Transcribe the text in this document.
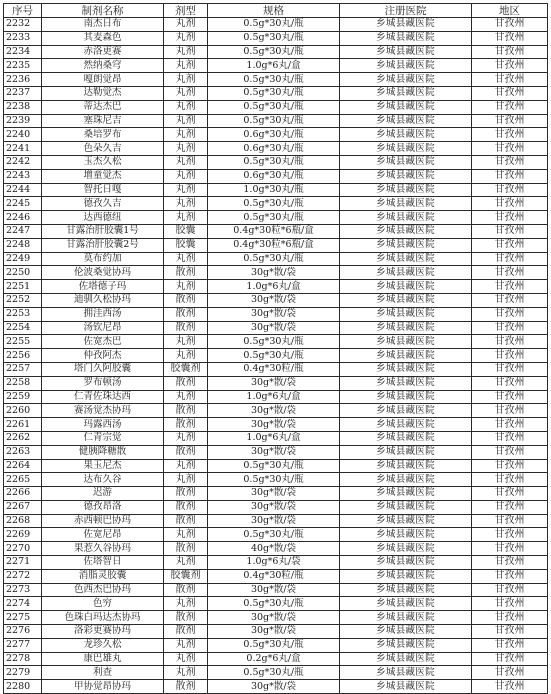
序号	制剂名称	剂型	规格	注册医院	地区
2232	南杰日布	丸剂	0.5g*30丸/瓶	乡城县藏医院	甘孜州
2233	其麦森色	丸剂	0.5g*30丸/瓶	乡城县藏医院	甘孜州
2234	赤洛更赛	丸剂	0.5g*30丸/瓶	乡城县藏医院	甘孜州
2235	然纳桑穹	丸剂	1.0g*6丸/盒	乡城县藏医院	甘孜州
2236	嘎朗觉昂	丸剂	0.5g*30丸/瓶	乡城县藏医院	甘孜州
2237	达勒觉杰	丸剂	0.5g*30丸/瓶	乡城县藏医院	甘孜州
2238	蒂达杰巴	丸剂	0.5g*30丸/瓶	乡城县藏医院	甘孜州
2239	塞珠尼吉	丸剂	0.5g*30丸/瓶	乡城县藏医院	甘孜州
2240	桑培罗布	丸剂	0.6g*30丸/瓶	乡城县藏医院	甘孜州
2241	色朵久吉	丸剂	0.6g*30丸/瓶	乡城县藏医院	甘孜州
2242	玉杰久松	丸剂	0.5g*30丸/瓶	乡城县藏医院	甘孜州
2243	增童觉杰	丸剂	0.6g*30丸/瓶	乡城县藏医院	甘孜州
2244	智托日嘎	丸剂	1.0g*30丸/瓶	乡城县藏医院	甘孜州
2245	德孜久吉	丸剂	0.5g*30丸/瓶	乡城县藏医院	甘孜州
2246	达西德纽	丸剂	0.5g*30丸/瓶	乡城县藏医院	甘孜州
2247	甘露治肝胶囊1号	胶囊	0.4g*30粒*6瓶/盒	乡城县藏医院	甘孜州
2248	甘露治肝胶囊2号	胶囊	0.4g*30粒*6瓶/盒	乡城县藏医院	甘孜州
2249	莫布约加	丸剂	0.5g*30丸/瓶	乡城县藏医院	甘孜州
2250	伦波桑觉协玛	散剂	30g*散/袋	乡城县藏医院	甘孜州
2251	佐塔德子玛	丸剂	1.0g*6丸/盒	乡城县藏医院	甘孜州
2252	迪驯久松协玛	散剂	30g*散/袋	乡城县藏医院	甘孜州
2253	拥洼西汤	散剂	30g*散/袋	乡城县藏医院	甘孜州
2254	汤钦尼昂	散剂	30g*散/袋	乡城县藏医院	甘孜州
2255	佐宽杰巴	丸剂	0.5g*30丸/瓶	乡城县藏医院	甘孜州
2256	仲孜阿杰	丸剂	0.5g*30丸/瓶	乡城县藏医院	甘孜州
2257	塔门久阿胶囊	胶囊剂	0.4g*30粒/瓶	乡城县藏医院	甘孜州
2258	罗布顿汤	散剂	30g*散/袋	乡城县藏医院	甘孜州
2259	仁青佐珠达西	丸剂	1.0g*6丸/盒	乡城县藏医院	甘孜州
2260	赛汤觉杰协玛	散剂	30g*散/袋	乡城县藏医院	甘孜州
2261	玛露西汤	散剂	30g*散/袋	乡城县藏医院	甘孜州
2262	仁青宗觉	丸剂	1.0g*6丸/盒	乡城县藏医院	甘孜州
2263	健胰降糖散	散剂	30g*散/袋	乡城县藏医院	甘孜州
2264	果玉尼杰	丸剂	0.5g*30丸/瓶	乡城县藏医院	甘孜州
2265	达布久谷	丸剂	0.5g*30丸/瓶	乡城县藏医院	甘孜州
2266	迟游	散剂	30g*散/袋	乡城县藏医院	甘孜州
2267	德孜昂洛	散剂	30g*散/袋	乡城县藏医院	甘孜州
2268	赤西顿巴协玛	散剂	30g*散/袋	乡城县藏医院	甘孜州
2269	佐宽尼昂	丸剂	0.5g*30丸/瓶	乡城县藏医院	甘孜州
2270	果惹久谷协玛	散剂	40g*散/袋	乡城县藏医院	甘孜州
2271	佐塔智日	丸剂	1.0g*6丸/袋	乡城县藏医院	甘孜州
2272	消脂灵胶囊	胶囊剂	0.4g*30粒/瓶	乡城县藏医院	甘孜州
2273	色西杰巴协玛	散剂	30g*散/袋	乡城县藏医院	甘孜州
2274	色穷	丸剂	0.5g*30丸/瓶	乡城县藏医院	甘孜州
2275	色珠白玛达杰协玛	散剂	30g*散/袋	乡城县藏医院	甘孜州
2276	洛彩更赛协玛	散剂	30g*散/袋	乡城县藏医院	甘孜州
2277	龙珍久松	丸剂	0.5g*30丸/瓶	乡城县藏医院	甘孜州
2278	康巴雄丸	丸剂	0.2g*6丸/盒	乡城县藏医院	甘孜州
2279	利查	丸剂	0.5g*30丸/瓶	乡城县藏医院	甘孜州
2280	甲协觉昂协玛	散剂	30g*散/袋	乡城县藏医院	甘孜州
